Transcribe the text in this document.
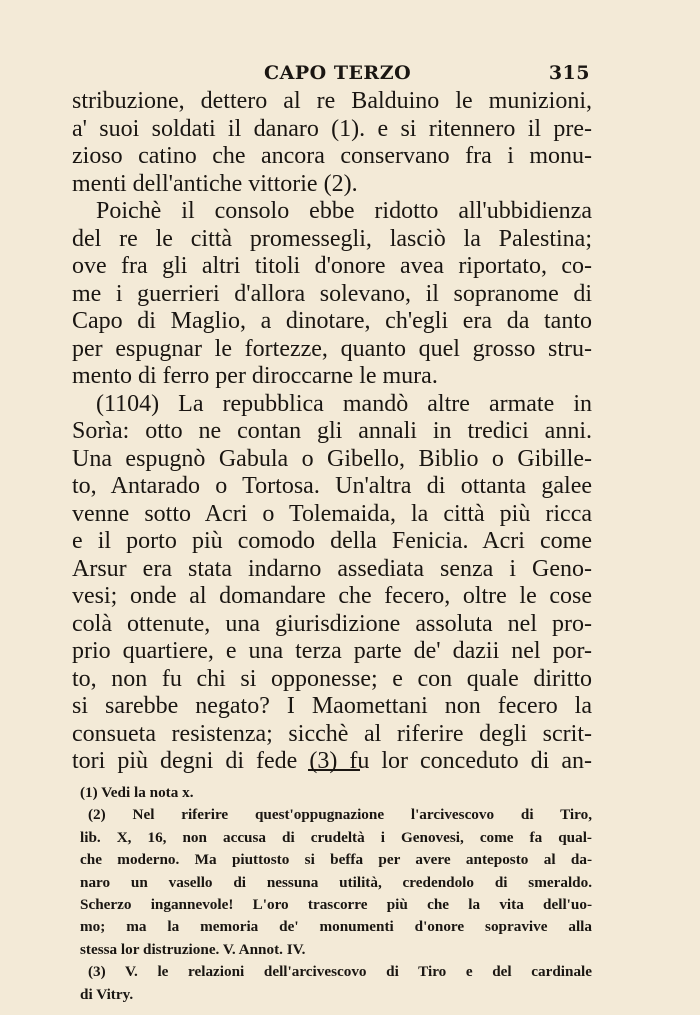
CAPO TERZO	315
stribuzione, dettero al re Balduino le munizioni,
a' suoi soldati il danaro (1). e si ritennero il pre-
zioso catino che ancora conservano fra i monu-
menti dell'antiche vittorie (2).
Poichè il consolo ebbe ridotto all'ubbidienza
del re le città promessegli, lasciò la Palestina;
ove fra gli altri titoli d'onore avea riportato, co-
me i guerrieri d'allora solevano, il sopranome di
Capo di Maglio, a dinotare, ch'egli era da tanto
per espugnar le fortezze, quanto quel grosso stru-
mento di ferro per diroccarne le mura.
(1104) La repubblica mandò altre armate in
Sorìa: otto ne contan gli annali in tredici anni.
Una espugnò Gabula o Gibello, Biblio o Gibille-
to, Antarado o Tortosa. Un'altra di ottanta galee
venne sotto Acri o Tolemaida, la città più ricca
e il porto più comodo della Fenicia. Acri come
Arsur era stata indarno assediata senza i Geno-
vesi; onde al domandare che fecero, oltre le cose
colà ottenute, una giurisdizione assoluta nel pro-
prio quartiere, e una terza parte de' dazii nel por-
to, non fu chi si opponesse; e con quale diritto
si sarebbe negato? I Maomettani non fecero la
consueta resistenza; sicchè al riferire degli scrit-
tori più degni di fede (3) fu lor conceduto di an-
(1) Vedi la nota x.
(2) Nel riferire quest'oppugnazione l'arcivescovo di Tiro,
lib. X, 16, non accusa di crudeltà i Genovesi, come fa qual-
che moderno. Ma piuttosto si beffa per avere anteposto al da-
naro un vasello di nessuna utilità, credendolo di smeraldo.
Scherzo ingannevole! L'oro trascorre più che la vita dell'uo-
mo; ma la memoria de' monumenti d'onore sopravive alla
stessa lor distruzione. V. Annot. IV.
(3) V. le relazioni dell'arcivescovo di Tiro e del cardinale
di Vitry.
